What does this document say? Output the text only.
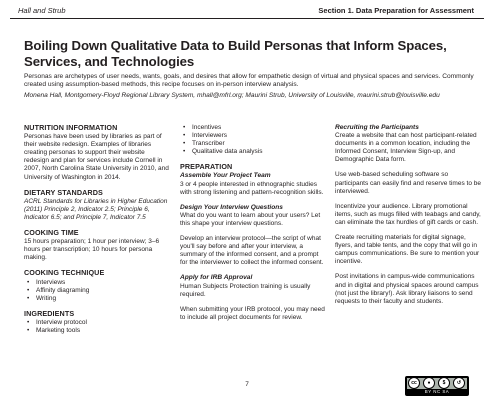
Hall and Strub	Section 1. Data Preparation for Assessment
Boiling Down Qualitative Data to Build Personas that Inform Spaces, Services, and Technologies

Personas are archetypes of user needs, wants, goals, and desires that allow for empathetic design of virtual and physical spaces and services. Commonly created using assumption-based methods, this recipe focuses on in-person interview analysis.

Monena Hall, Montgomery-Floyd Regional Library System, mhall@mfrl.org; Maurini Strub, University of Louisville, maurini.strub@louisville.edu

NUTRITION INFORMATION

Personas have been used by libraries as part of their website redesign. Examples of libraries creating personas to support their website redesign and plan for services include Cornell in 2007, North Carolina State University in 2010, and University of Washington in 2014.

DIETARY STANDARDS

ACRL Standards for Libraries in Higher Education (2011) Principle 2, Indicator 2.5; Principle 6, Indicator 6.5; and Principle 7, Indicator 7.5

COOKING TIME

15 hours preparation; 1 hour per interview; 3–6 hours per transcription; 10 hours for persona making.

COOKING TECHNIQUE
• Interviews
• Affinity diagraming
• Writing
INGREDIENTS
• Interview protocol
• Marketing tools
• Incentives
• Interviewers
• Transcriber
• Qualitative data analysis
PREPARATION
Assemble Your Project Team

3 or 4 people interested in ethnographic studies with strong listening and pattern-recognition skills.

Design Your Interview Questions

What do you want to learn about your users? Let this shape your interview questions.

Develop an interview protocol—the script of what you'll say before and after your interview, a summary of the informed consent, and a prompt for the interviewer to collect the informed consent.

Apply for IRB Approval

Human Subjects Protection training is usually required.

When submitting your IRB protocol, you may need to include all project documents for review.

Recruiting the Participants

Create a website that can host participant-related documents in a common location, including the Informed Consent, Interview Sign-up, and Demographic Data form.

Use web-based scheduling software so participants can easily find and reserve times to be interviewed.

Incentivize your audience. Library promotional items, such as mugs filled with teabags and candy, can eliminate the tax hurdles of gift cards or cash.

Create recruiting materials for digital signage, flyers, and table tents, and the copy that will go in campus communications. Be sure to mention your incentive.

Post invitations in campus-wide communications and in digital and physical spaces around campus (not just the library!). Ask library liaisons to send requests to their faculty and students.

7	cc	●	$	↺
BY NC SA
